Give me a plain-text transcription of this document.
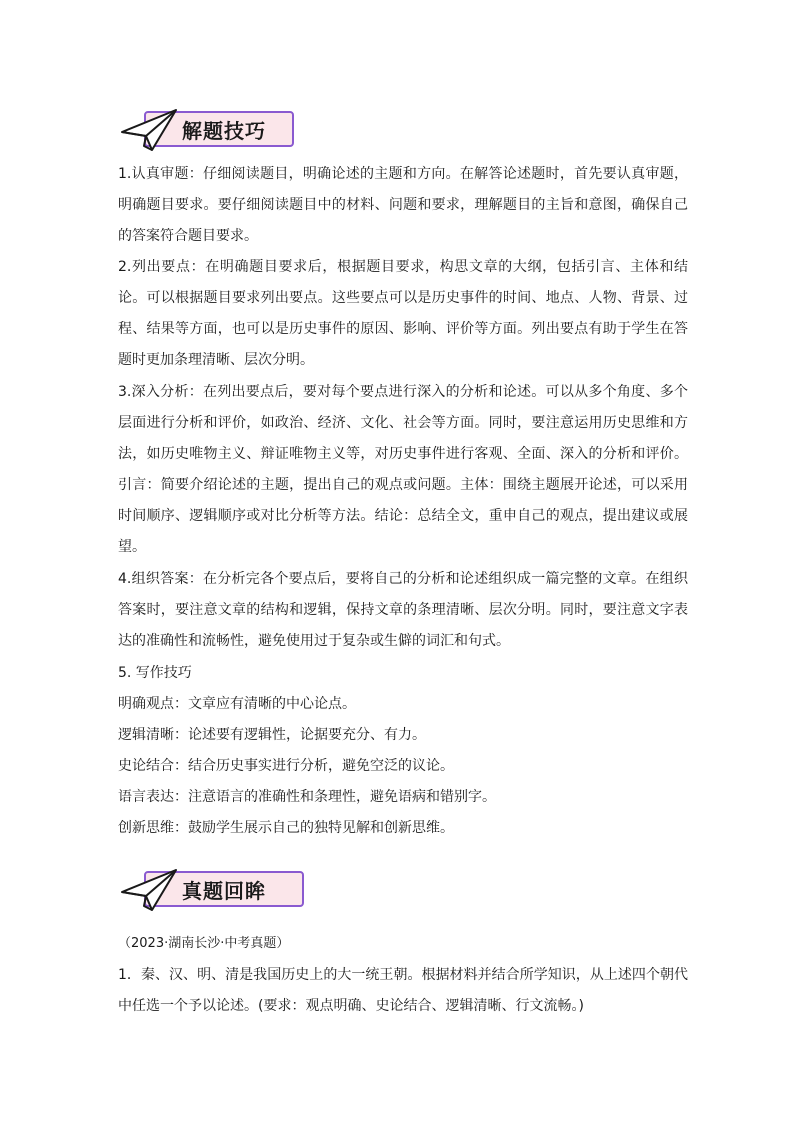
解题技巧

1.认真审题：仔细阅读题目，明确论述的主题和方向。在解答论述题时，首先要认真审题，明确题目要求。要仔细阅读题目中的材料、问题和要求，理解题目的主旨和意图，确保自己的答案符合题目要求。

2.列出要点：在明确题目要求后，根据题目要求，构思文章的大纲，包括引言、主体和结论。可以根据题目要求列出要点。这些要点可以是历史事件的时间、地点、人物、背景、过程、结果等方面，也可以是历史事件的原因、影响、评价等方面。列出要点有助于学生在答题时更加条理清晰、层次分明。

3.深入分析：在列出要点后，要对每个要点进行深入的分析和论述。可以从多个角度、多个层面进行分析和评价，如政治、经济、文化、社会等方面。同时，要注意运用历史思维和方法，如历史唯物主义、辩证唯物主义等，对历史事件进行客观、全面、深入的分析和评价。引言：简要介绍论述的主题，提出自己的观点或问题。主体：围绕主题展开论述，可以采用时间顺序、逻辑顺序或对比分析等方法。结论：总结全文，重申自己的观点，提出建议或展望。

4.组织答案：在分析完各个要点后，要将自己的分析和论述组织成一篇完整的文章。在组织答案时，要注意文章的结构和逻辑，保持文章的条理清晰、层次分明。同时，要注意文字表达的准确性和流畅性，避免使用过于复杂或生僻的词汇和句式。

5. 写作技巧

明确观点：文章应有清晰的中心论点。

逻辑清晰：论述要有逻辑性，论据要充分、有力。

史论结合：结合历史事实进行分析，避免空泛的议论。

语言表达：注意语言的准确性和条理性，避免语病和错别字。

创新思维：鼓励学生展示自己的独特见解和创新思维。

真题回眸

（2023·湖南长沙·中考真题）

1．秦、汉、明、清是我国历史上的大一统王朝。根据材料并结合所学知识，从上述四个朝代中任选一个予以论述。(要求：观点明确、史论结合、逻辑清晰、行文流畅。)
